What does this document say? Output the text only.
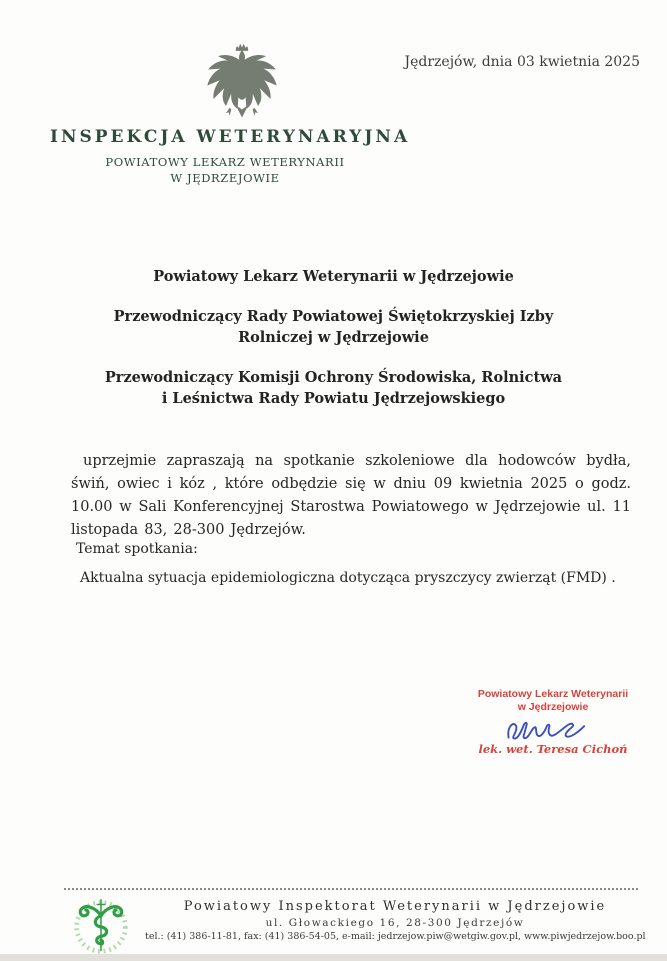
Jędrzejów, dnia 03 kwietnia 2025
INSPEKCJA WETERYNARYJNA
POWIATOWY LEKARZ WETERYNARII
W JĘDRZEJOWIE
Powiatowy Lekarz Weterynarii w Jędrzejowie
Przewodniczący Rady Powiatowej Świętokrzyskiej Izby
Rolniczej w Jędrzejowie
Przewodniczący Komisji Ochrony Środowiska, Rolnictwa
i Leśnictwa Rady Powiatu Jędrzejowskiego

uprzejmie zapraszają na spotkanie szkoleniowe dla hodowców bydła, świń, owiec i kóz , które odbędzie się w dniu 09 kwietnia 2025 o godz. 10.00 w Sali Konferencyjnej Starostwa Powiatowego w Jędrzejowie ul. 11 listopada 83, 28-300 Jędrzejów.

Temat spotkania:
Aktualna sytuacja epidemiologiczna dotycząca pryszczycy zwierząt (FMD) .
Powiatowy Lekarz Weterynarii
w Jędrzejowie
lek. wet. Teresa Cichoń
Powiatowy Inspektorat Weterynarii w Jędrzejowie
ul. Głowackiego 16, 28-300 Jędrzejów
tel.: (41) 386-11-81, fax: (41) 386-54-05, e-mail: jedrzejow.piw@wetgiw.gov.pl, www.piwjedrzejow.boo.pl
